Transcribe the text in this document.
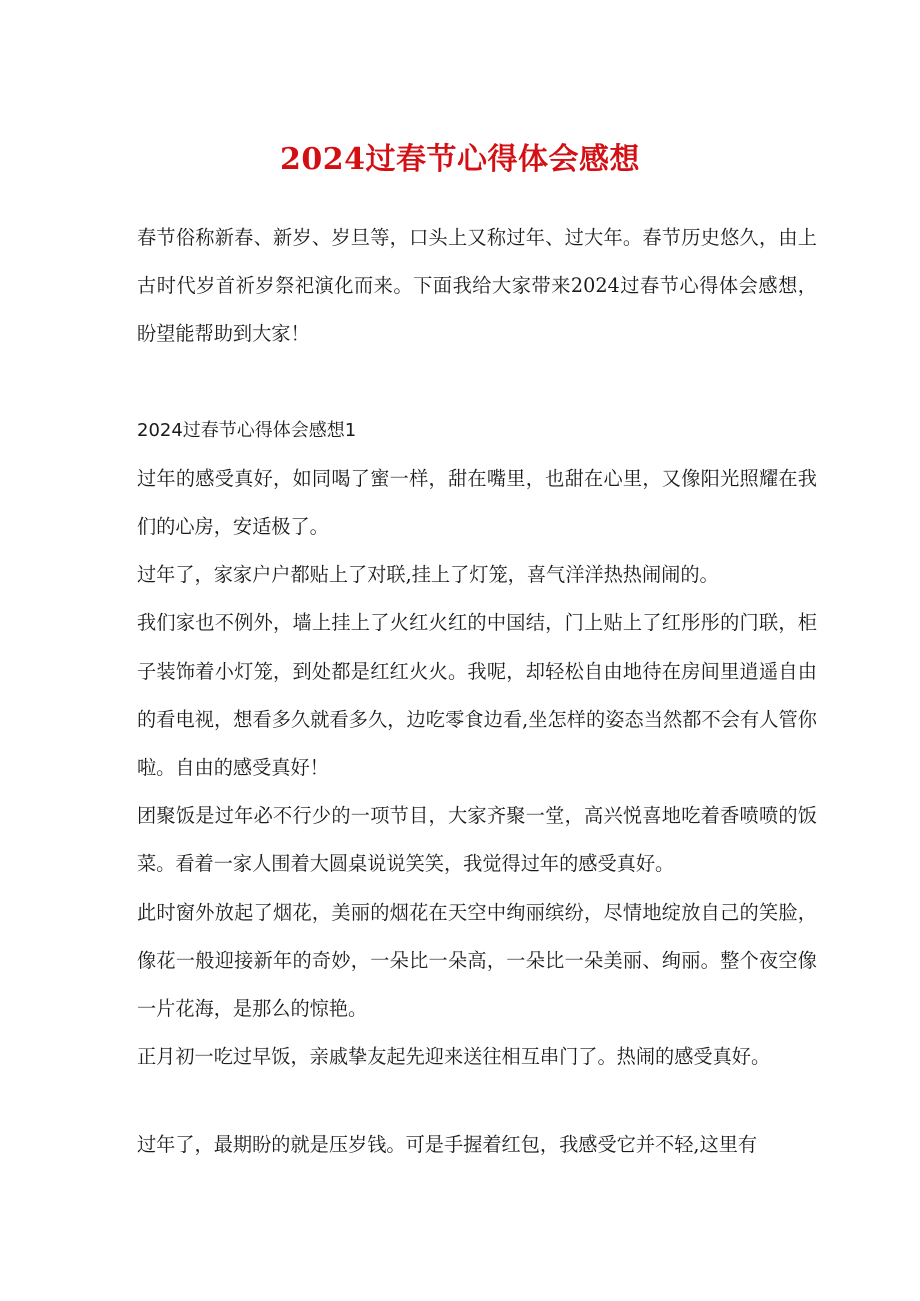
2024过春节心得体会感想

春节俗称新春、新岁、岁旦等，口头上又称过年、过大年。春节历史悠久，由上古时代岁首祈岁祭祀演化而来。下面我给大家带来2024过春节心得体会感想，盼望能帮助到大家！

2024过春节心得体会感想1

过年的感受真好，如同喝了蜜一样，甜在嘴里，也甜在心里，又像阳光照耀在我们的心房，安适极了。

过年了，家家户户都贴上了对联,挂上了灯笼，喜气洋洋热热闹闹的。

我们家也不例外，墙上挂上了火红火红的中国结，门上贴上了红彤彤的门联，柜子装饰着小灯笼，到处都是红红火火。我呢，却轻松自由地待在房间里逍遥自由的看电视，想看多久就看多久，边吃零食边看,坐怎样的姿态当然都不会有人管你啦。自由的感受真好！

团聚饭是过年必不行少的一项节目，大家齐聚一堂，高兴悦喜地吃着香喷喷的饭菜。看着一家人围着大圆桌说说笑笑，我觉得过年的感受真好。

此时窗外放起了烟花，美丽的烟花在天空中绚丽缤纷，尽情地绽放自己的笑脸，像花一般迎接新年的奇妙，一朵比一朵高，一朵比一朵美丽、绚丽。整个夜空像一片花海，是那么的惊艳。

正月初一吃过早饭，亲戚挚友起先迎来送往相互串门了。热闹的感受真好。

过年了，最期盼的就是压岁钱。可是手握着红包，我感受它并不轻,这里有
